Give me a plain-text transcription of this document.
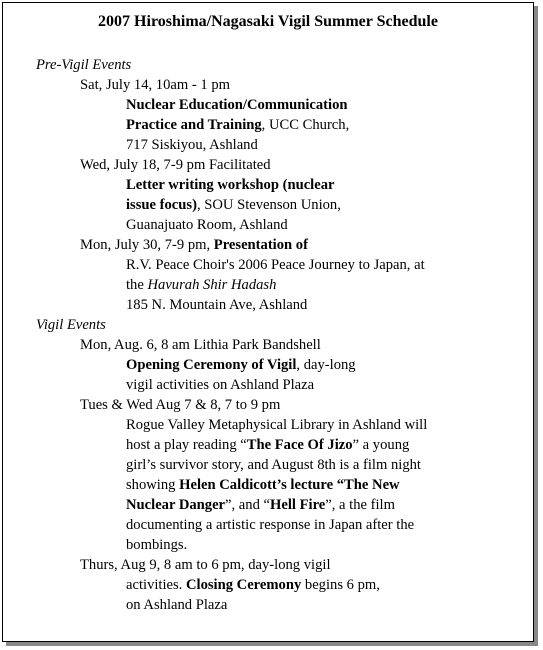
2007 Hiroshima/Nagasaki Vigil Summer Schedule
Pre-Vigil Events
Sat, July 14, 10am - 1 pm
Nuclear Education/Communication
Practice and Training, UCC Church,
717 Siskiyou, Ashland
Wed, July 18, 7-9 pm Facilitated
Letter writing workshop (nuclear
issue focus), SOU Stevenson Union,
Guanajuato Room, Ashland
Mon, July 30, 7-9 pm, Presentation of
R.V. Peace Choir's 2006 Peace Journey to Japan, at
the Havurah Shir Hadash
185 N. Mountain Ave, Ashland
Vigil Events
Mon, Aug. 6, 8 am Lithia Park Bandshell
Opening Ceremony of Vigil, day-long
vigil activities on Ashland Plaza
Tues & Wed Aug 7 & 8, 7 to 9 pm
Rogue Valley Metaphysical Library in Ashland will
host a play reading “The Face Of Jizo” a young
girl’s survivor story, and August 8th is a film night
showing Helen Caldicott’s lecture “The New
Nuclear Danger”, and “Hell Fire”, a the film
documenting a artistic response in Japan after the
bombings.
Thurs, Aug 9, 8 am to 6 pm, day-long vigil
activities. Closing Ceremony begins 6 pm,
on Ashland Plaza
